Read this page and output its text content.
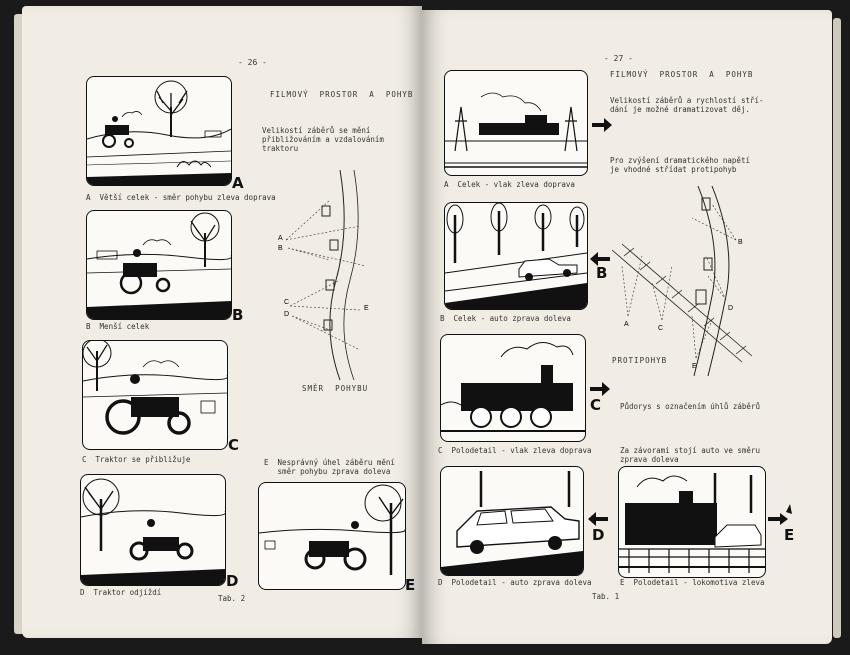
- 26 -
FILMOVÝ  PROSTOR  A  POHYB
Velikostí záběrů se mění
přibližováním a vzdalováním
traktoru
A
A  Větší celek - směr pohybu zleva doprava
B
B  Menší celek
C
C  Traktor se přibližuje
D
D  Traktor odjíždí
Tab. 2
E
E  Nesprávný úhel záběru mění
směr pohybu zprava doleva
A
B
C
D
E
SMĚR  POHYBU
- 27 -
FILMOVÝ  PROSTOR  A  POHYB
Velikostí záběrů a rychlostí stří-
dání je možné dramatizovat děj.
Pro zvýšení dramatického napětí
je vhodné střídat protipohyb
A  Celek - vlak zleva doprava
B
B  Celek - auto zprava doleva
C
C  Polodetail - vlak zleva doprava
D
D  Polodetail - auto zprava doleva
Tab. 1
E
E  Polodetail - lokomotiva zleva
A
B
C
D
E
PROTIPOHYB
Půdorys s označením úhlů záběrů
Za závorami stojí auto ve směru
zprava doleva
